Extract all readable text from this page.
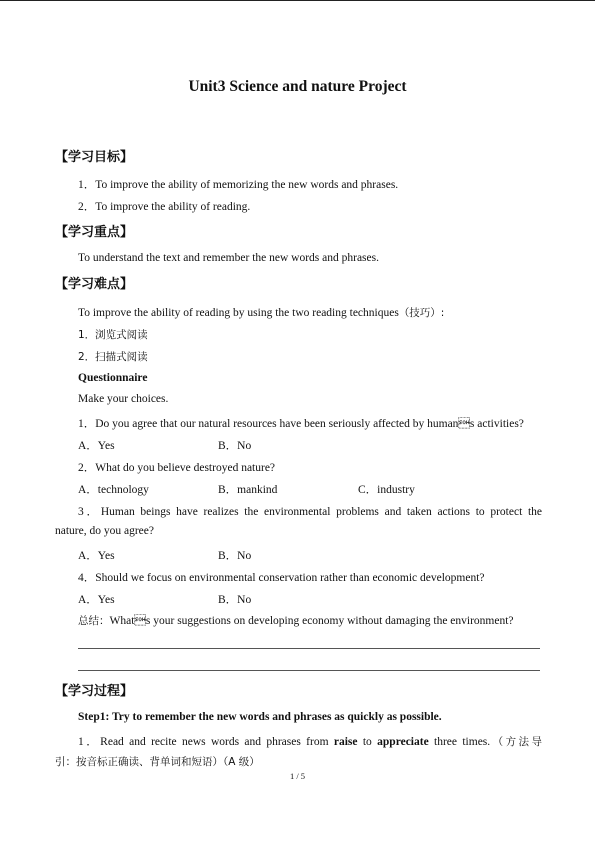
Unit3 Science and nature Project
【学习目标】
1．To improve the ability of memorizing the new words and phrases.
2．To improve the ability of reading.
【学习重点】
To understand the text and remember the new words and phrases.
【学习难点】
To improve the ability of reading by using the two reading techniques（技巧）:
1．浏览式阅读
2．扫描式阅读
Questionnaire
Make your choices.
1．Do you agree that our natural resources have been seriously affected by humans activities?
A．Yes	B．No
2．What do you believe destroyed nature?
A．technology	B．mankind	C．industry
3．Human beings have realizes the environmental problems and taken actions to protect the
nature, do you agree?
A．Yes	B．No
4．Should we focus on environmental conservation rather than economic development?
A．Yes	B．No
总结：Whats your suggestions on developing economy without damaging the environment?
【学习过程】
Step1: Try to remember the new words and phrases as quickly as possible.
1．Read and recite news words and phrases from raise to appreciate three times.（方法导
引：按音标正确读、背单词和短语）（A 级）
1 / 5
